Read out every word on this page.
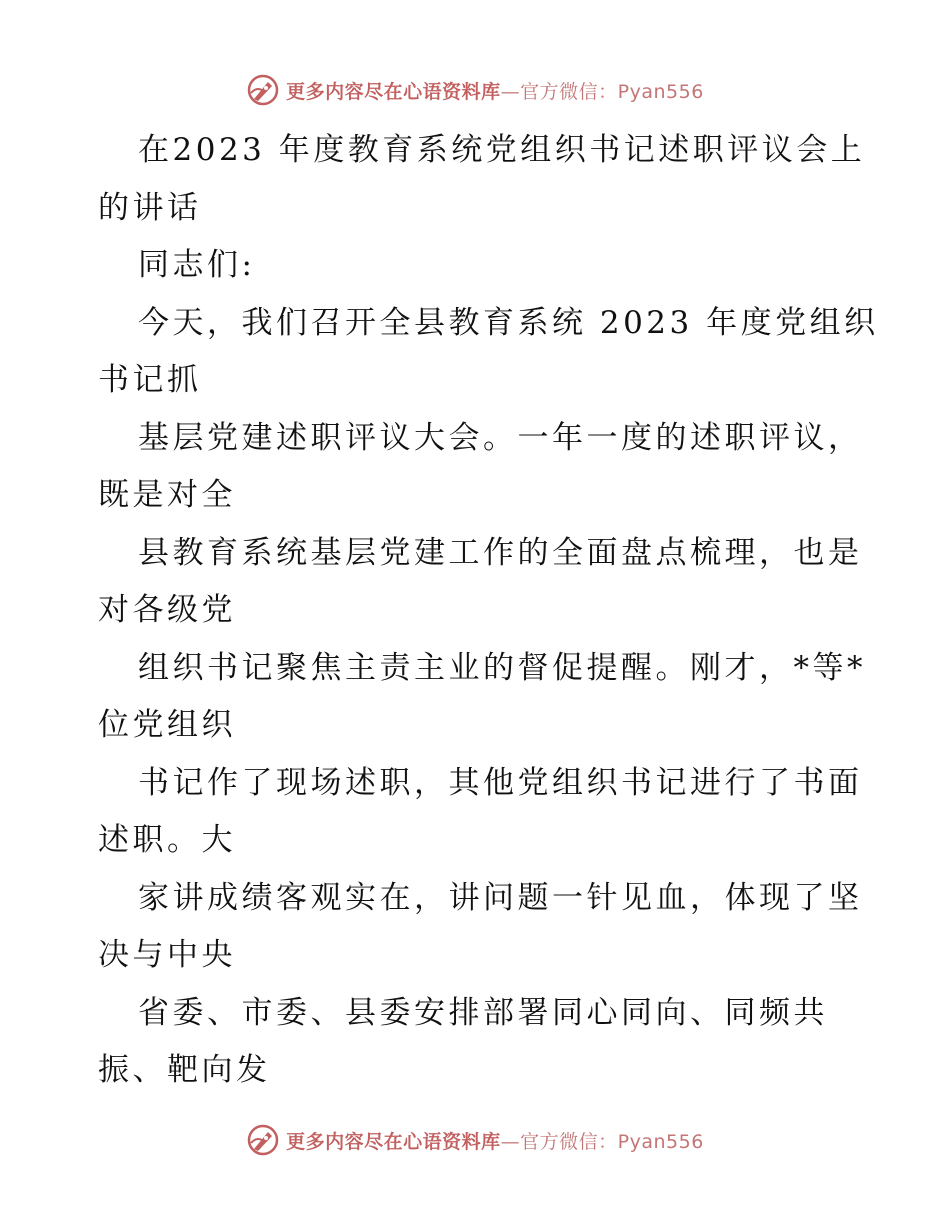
更多内容尽在心语资料库—官方微信：Pyan556
在2023 年度教育系统党组织书记述职评议会上
的讲话
同志们:
今天，我们召开全县教育系统 2023 年度党组织
书记抓
基层党建述职评议大会。一年一度的述职评议，
既是对全
县教育系统基层党建工作的全面盘点梳理，也是
对各级党
组织书记聚焦主责主业的督促提醒。刚才，*等*
位党组织
书记作了现场述职，其他党组织书记进行了书面
述职。大
家讲成绩客观实在，讲问题一针见血，体现了坚
决与中央
省委、市委、县委安排部署同心同向、同频共
振、靶向发
更多内容尽在心语资料库—官方微信：Pyan556
